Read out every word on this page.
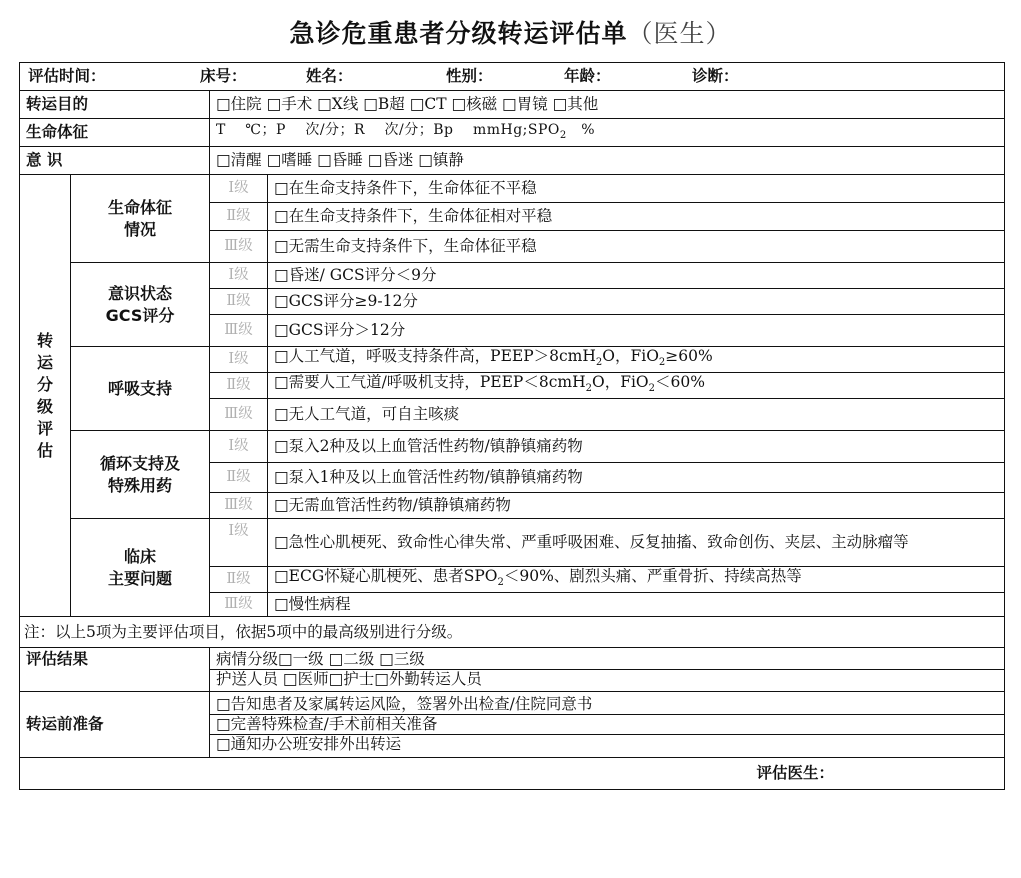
急诊危重患者分级转运评估单（医生）
评估时间： 床号： 姓名： 性别： 年龄： 诊断：			
转运目的		□住院 □手术 □X线 □B超 □CT □核磁 □胃镜 □其他	
生命体征		T　 ℃；P　 次/分；R　 次/分；Bp　 $mmHg;SPO_2$　%	
意 识		□清醒 □嗜睡 □昏睡 □昏迷 □镇静	

转运分级评估	生命体征
情况	Ⅰ级	□在生命支持条件下，生命体征不平稳
		Ⅱ级	□在生命支持条件下，生命体征相对平稳
		Ⅲ级	□无需生命支持条件下，生命体征平稳
	意识状态
GCS评分	Ⅰ级	□昏迷/ GCS评分＜9分
		Ⅱ级	□GCS评分≥9-12分
		Ⅲ级	□GCS评分＞12分
	呼吸支持	Ⅰ级	□人工气道，呼吸支持条件高，PEEP＞8cmH$_2$O，FiO$_2$≥60%
		Ⅱ级	□需要人工气道/呼吸机支持，PEEP＜8cmH$_2$O，FiO$_2$＜60%
		Ⅲ级	□无人工气道，可自主咳痰
	循环支持及
特殊用药	Ⅰ级	□泵入2种及以上血管活性药物/镇静镇痛药物
		Ⅱ级	□泵入1种及以上血管活性药物/镇静镇痛药物
		Ⅲ级	□无需血管活性药物/镇静镇痛药物
	临床
主要问题	Ⅰ级	□急性心肌梗死、致命性心律失常、严重呼吸困难、反复抽搐、致命创伤、夹层、主动脉瘤等
		Ⅱ级	□ECG怀疑心肌梗死、患者$SPO_2<90\%$、剧烈头痛、严重骨折、持续高热等
		Ⅲ级	□慢性病程
注：以上5项为主要评估项目，依据5项中的最高级别进行分级。			
评估结果		病情分级□一级 □二级 □三级
护送人员 □医师□护士□外勤转运人员	

转运前准备		□告知患者及家属转运风险，签署外出检查/住院同意书
□完善特殊检查/手术前相关准备
□通知办公班安排外出转运	

评估医生：			
